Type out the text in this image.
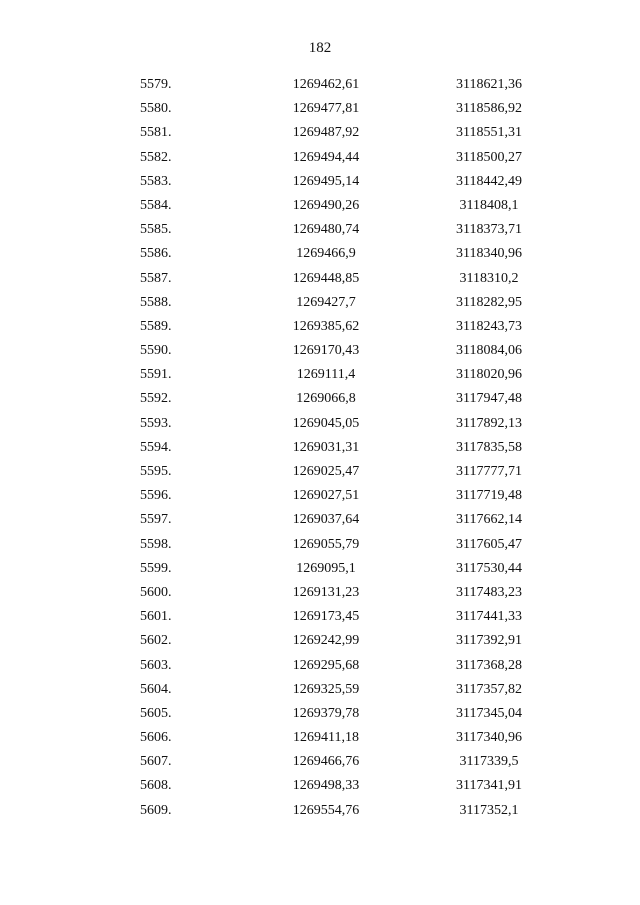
182
5579.	1269462,61	3118621,36
5580.	1269477,81	3118586,92
5581.	1269487,92	3118551,31
5582.	1269494,44	3118500,27
5583.	1269495,14	3118442,49
5584.	1269490,26	3118408,1
5585.	1269480,74	3118373,71
5586.	1269466,9	3118340,96
5587.	1269448,85	3118310,2
5588.	1269427,7	3118282,95
5589.	1269385,62	3118243,73
5590.	1269170,43	3118084,06
5591.	1269111,4	3118020,96
5592.	1269066,8	3117947,48
5593.	1269045,05	3117892,13
5594.	1269031,31	3117835,58
5595.	1269025,47	3117777,71
5596.	1269027,51	3117719,48
5597.	1269037,64	3117662,14
5598.	1269055,79	3117605,47
5599.	1269095,1	3117530,44
5600.	1269131,23	3117483,23
5601.	1269173,45	3117441,33
5602.	1269242,99	3117392,91
5603.	1269295,68	3117368,28
5604.	1269325,59	3117357,82
5605.	1269379,78	3117345,04
5606.	1269411,18	3117340,96
5607.	1269466,76	3117339,5
5608.	1269498,33	3117341,91
5609.	1269554,76	3117352,1
